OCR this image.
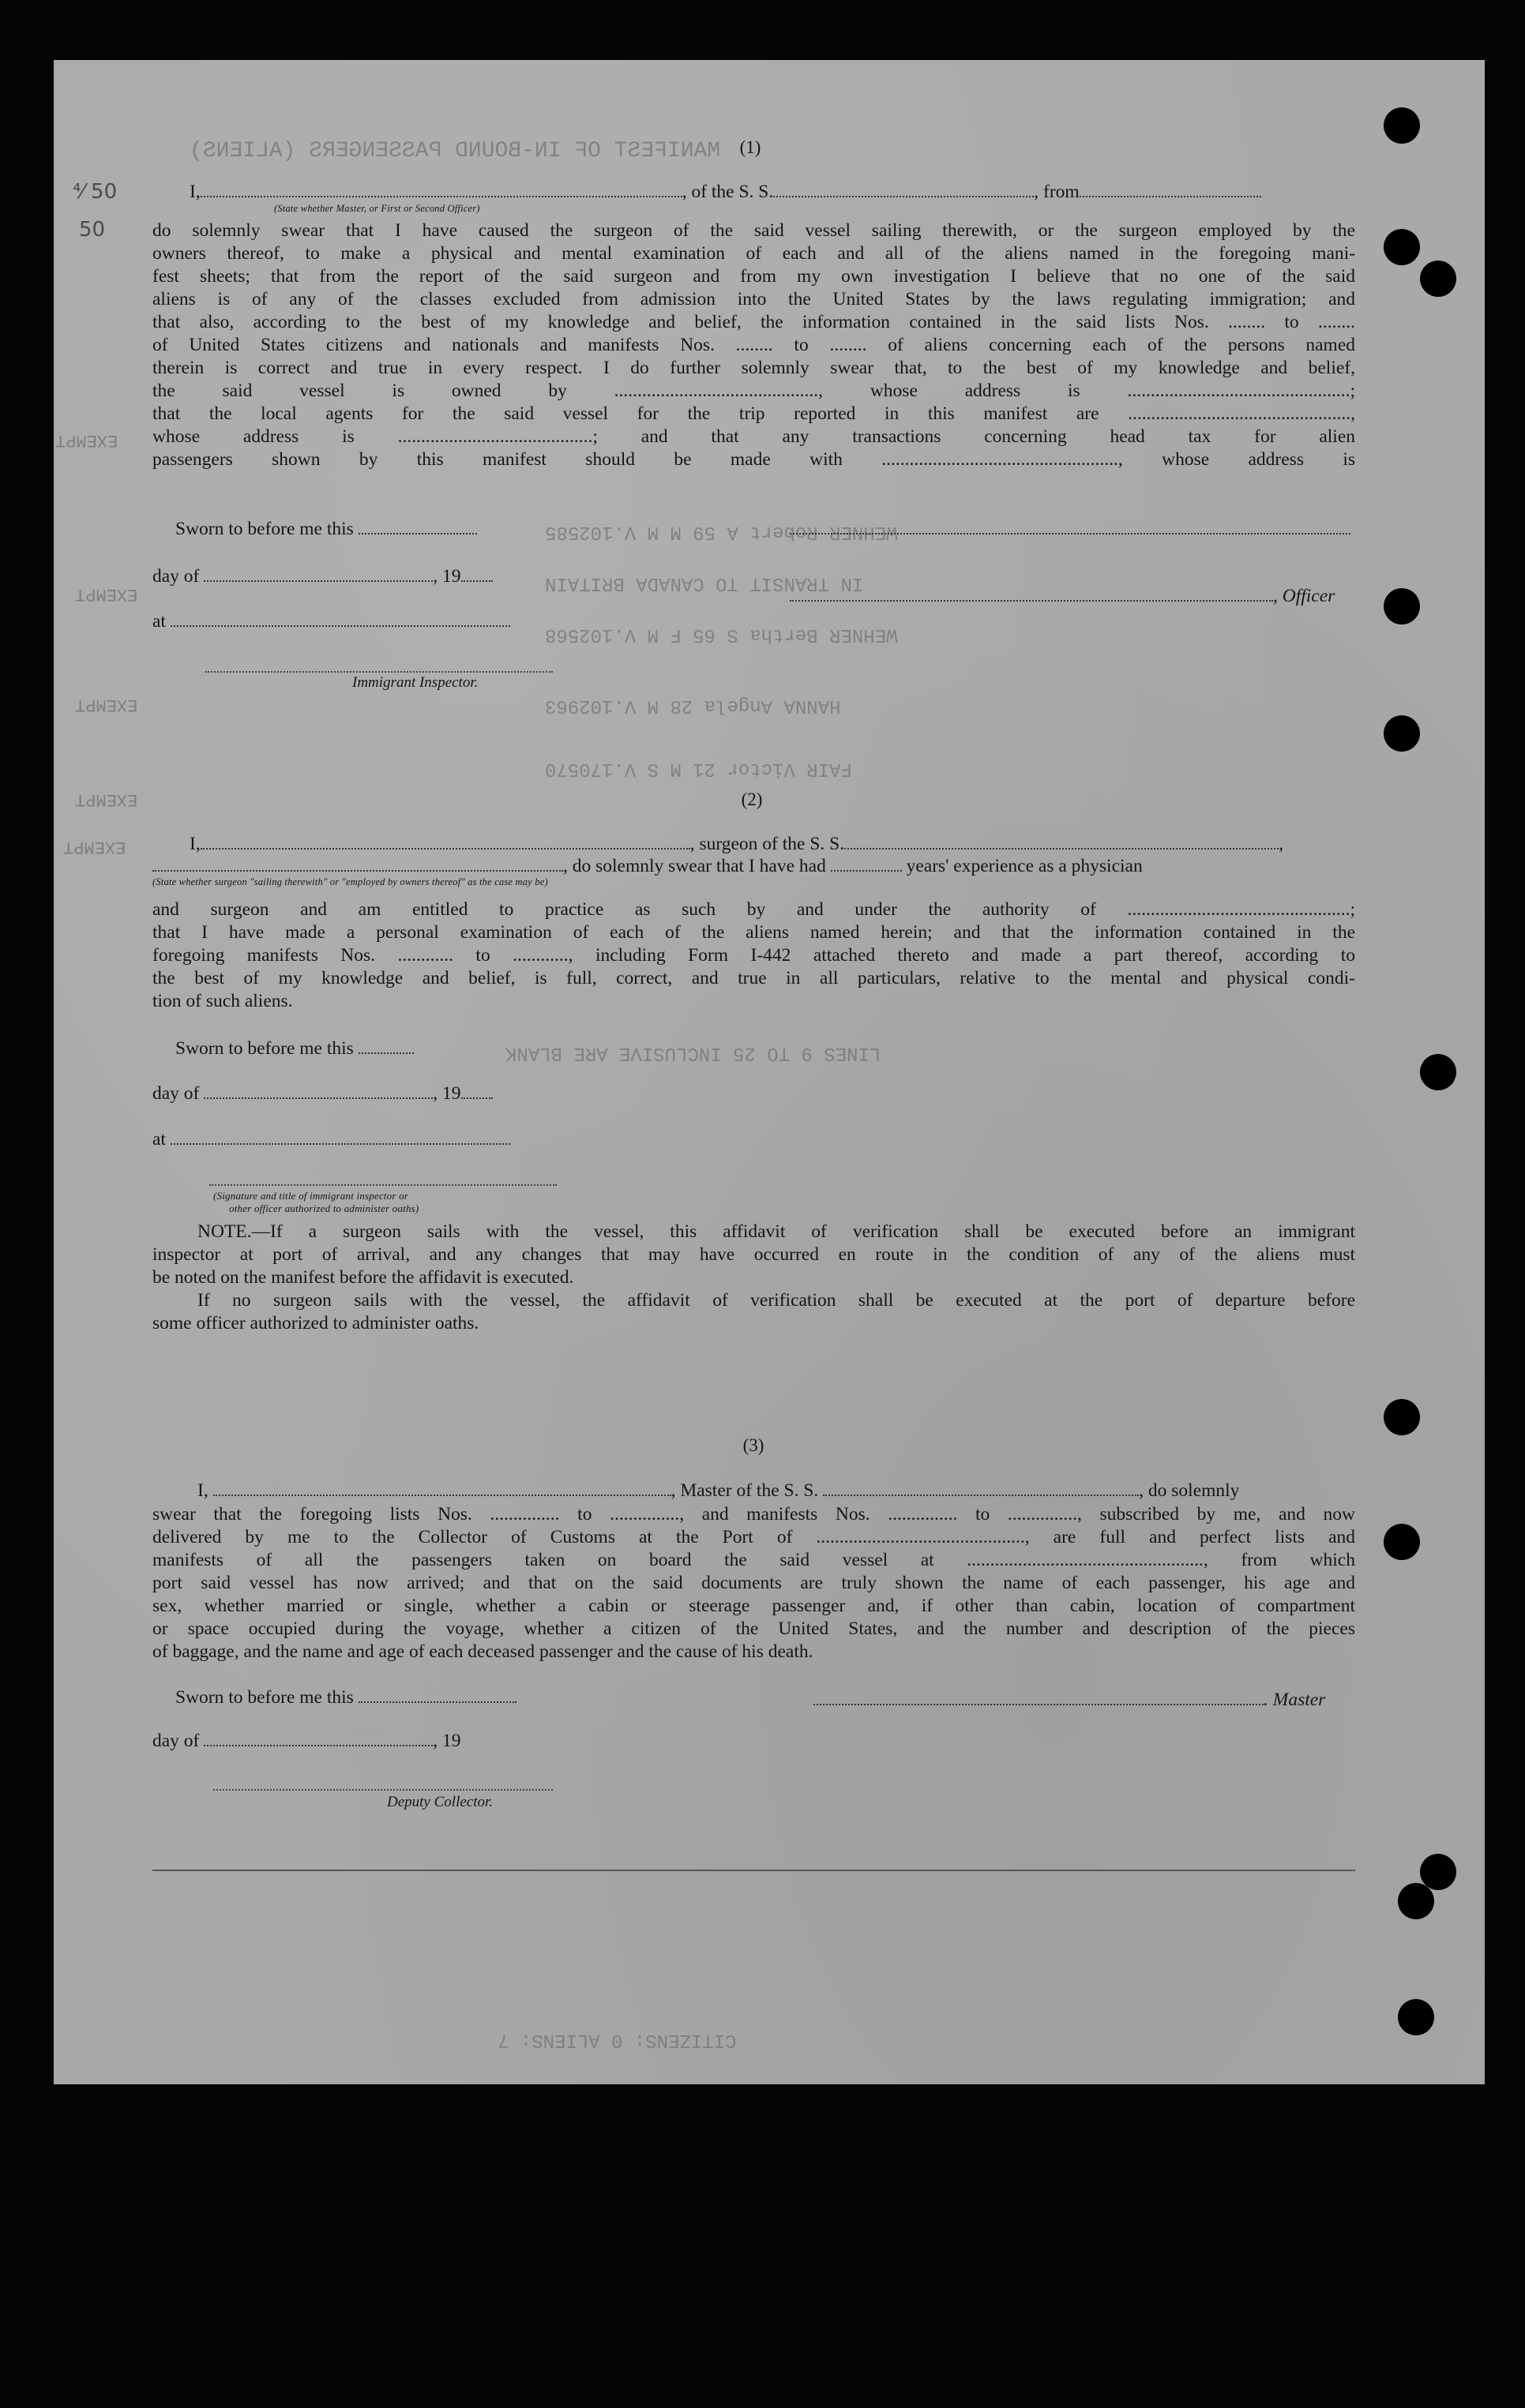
MANIFEST OF IN-BOUND PASSENGERS (ALIENS)
WEHNER Robert A 59 M M V.102585
IN TRANSIT TO CANADA BRITAIN
WEHNER Bertha S 65 F M V.102568
HANNA Angela 28 M V.102963
FAIR Victor 21 M S V.170570
LINES 9 TO 25 INCLUSIVE ARE BLANK
CITIZENS: 0 ALIENS: 7
EXEMPT
EXEMPT
EXEMPT
EXEMPT
EXEMPT
⁴⁄ 50
50
(1)
I,	, of the S. S.	, from
(State whether Master, or First or Second Officer)
do solemnly swear that I have caused the surgeon of the said vessel sailing therewith, or the surgeon employed by the
owners thereof, to make a physical and mental examination of each and all of the aliens named in the foregoing mani-
fest sheets; that from the report of the said surgeon and from my own investigation I believe that no one of the said
aliens is of any of the classes excluded from admission into the United States by the laws regulating immigration; and
that also, according to the best of my knowledge and belief, the information contained in the said lists Nos. ........ to ........
of United States citizens and nationals and manifests Nos. ........ to ........ of aliens concerning each of the persons named
therein is correct and true in every respect. I do further solemnly swear that, to the best of my knowledge and belief,
the said vessel is owned by ............................................, whose address is ................................................;
that the local agents for the said vessel for the trip reported in this manifest are ................................................,
whose address is ..........................................; and that any transactions concerning head tax for alien
passengers shown by this manifest should be made with ..................................................., whose address is
Sworn to before me this
day of	, 19
, Officer
at
Immigrant Inspector.
(2)
I,	, surgeon of the S. S.	,
, do solemnly swear that I have had	years' experience as a physician
(State whether surgeon "sailing therewith" or "employed by owners thereof" as the case may be)
and surgeon and am entitled to practice as such by and under the authority of ................................................;
that I have made a personal examination of each of the aliens named herein; and that the information contained in the
foregoing manifests Nos. ............ to ............, including Form I-442 attached thereto and made a part thereof, according to
the best of my knowledge and belief, is full, correct, and true in all particulars, relative to the mental and physical condi-
tion of such aliens.
Sworn to before me this
day of	, 19
at
(Signature and title of immigrant inspector or
other officer authorized to administer oaths)
NOTE.—If a surgeon sails with the vessel, this affidavit of verification shall be executed before an immigrant
inspector at port of arrival, and any changes that may have occurred en route in the condition of any of the aliens must
be noted on the manifest before the affidavit is executed.
If no surgeon sails with the vessel, the affidavit of verification shall be executed at the port of departure before
some officer authorized to administer oaths.
(3)
I,	, Master of the S. S.	, do solemnly
swear that the foregoing lists Nos. ............... to ..............., and manifests Nos. ............... to ..............., subscribed by me, and now
delivered by me to the Collector of Customs at the Port of ............................................., are full and perfect lists and
manifests of all the passengers taken on board the said vessel at ..................................................., from which
port said vessel has now arrived; and that on the said documents are truly shown the name of each passenger, his age and
sex, whether married or single, whether a cabin or steerage passenger and, if other than cabin, location of compartment
or space occupied during the voyage, whether a citizen of the United States, and the number and description of the pieces
of baggage, and the name and age of each deceased passenger and the cause of his death.
Sworn to before me this	. Master
day of	, 19
Deputy Collector.
